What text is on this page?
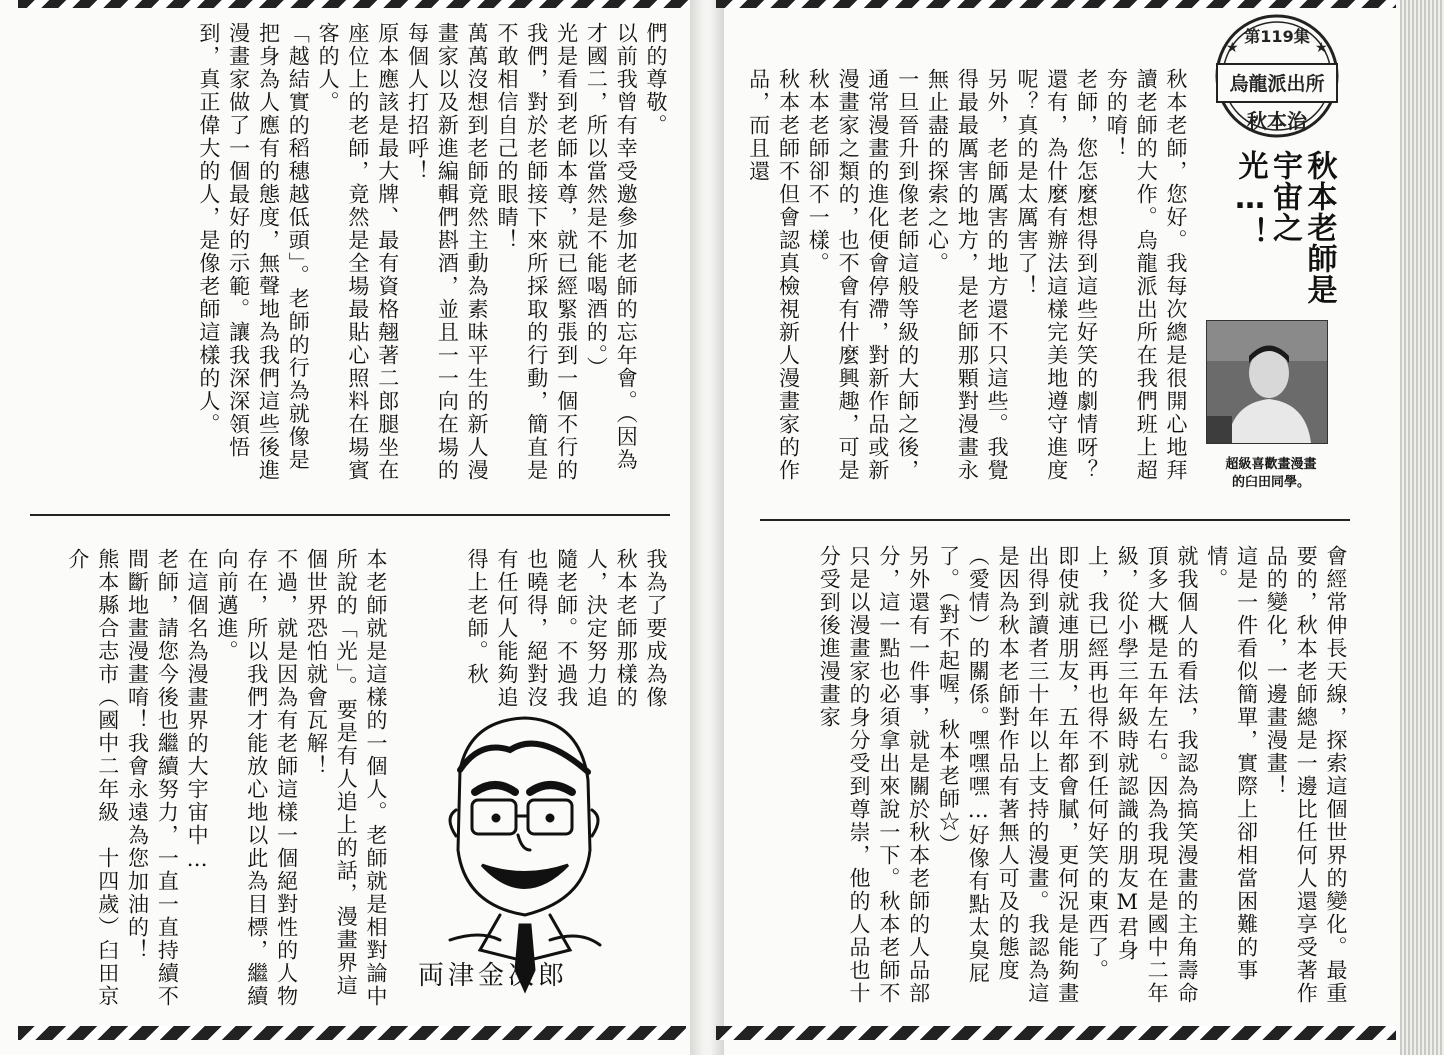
★	★
第119集
烏龍派出所
秋本治
秋本老師是
宇宙之光…！
超級喜歡畫漫畫
的臼田同學。

秋本老師，您好。我每次總是很開心地拜讀老師的大作。烏龍派出所在我們班上超夯的唷！

老師，您怎麼想得到這些好笑的劇情呀？還有，為什麼有辦法這樣完美地遵守進度呢？真的是太厲害了！

另外，老師厲害的地方還不只這些。我覺得最最厲害的地方，是老師那顆對漫畫永無止盡的探索之心。

一旦晉升到像老師這般等級的大師之後，通常漫畫的進化便會停滯，對新作品或新漫畫家之類的，也不會有什麼興趣，可是秋本老師卻不一樣。

秋本老師不但會認真檢視新人漫畫家的作品，而且還

會經常伸長天線，探索這個世界的變化。最重要的，秋本老師總是一邊比任何人還享受著作品的變化，一邊畫漫畫！

這是一件看似簡單，實際上卻相當困難的事情。

就我個人的看法，我認為搞笑漫畫的主角壽命頂多大概是五年左右。因為我現在是國中二年級，從小學三年級時就認識的朋友M君身上，我已經再也得不到任何好笑的東西了。

即使就連朋友，五年都會膩，更何況是能夠畫出得到讀者三十年以上支持的漫畫。我認為這是因為秋本老師對作品有著無人可及的態度（愛情）的關係。嘿嘿嘿…好像有點太臭屁了。（對不起喔，秋本老師☆）

另外還有一件事，就是關於秋本老師的人品部分，這一點也必須拿出來說一下。秋本老師不只是以漫畫家的身分受到尊崇，他的人品也十分受到後進漫畫家

們的尊敬。

以前我曾有幸受邀參加老師的忘年會。（因為才國二，所以當然是不能喝酒的。）

光是看到老師本尊，就已經緊張到一個不行的我們，對於老師接下來所採取的行動，簡直是不敢相信自己的眼睛！

萬萬沒想到老師竟然主動為素昧平生的新人漫畫家以及新進編輯們斟酒，並且一一向在場的每個人打招呼！

原本應該是最大牌、最有資格翹著二郎腿坐在座位上的老師，竟然是全場最貼心照料在場賓客的人。

「越結實的稻穗越低頭」。老師的行為就像是把身為人應有的態度，無聲地為我們這些後進漫畫家做了一個最好的示範。讓我深深領悟到，真正偉大的人，是像老師這樣的人。

我為了要成為像秋本老師那樣的人，決定努力追隨老師。不過我也曉得，絕對沒有任何人能夠追得上老師。秋

本老師就是這樣的一個人。老師就是相對論中所說的「光」。要是有人追上的話，漫畫界這個世界恐怕就會瓦解！

不過，就是因為有老師這樣一個絕對性的人物存在，所以我們才能放心地以此為目標，繼續向前邁進。

在這個名為漫畫界的大宇宙中…

老師，請您今後也繼續努力，一直一直持續不間斷地畫漫畫唷！我會永遠為您加油的！

熊本縣合志市（國中二年級　十四歲）臼田京介

両津金次郎
